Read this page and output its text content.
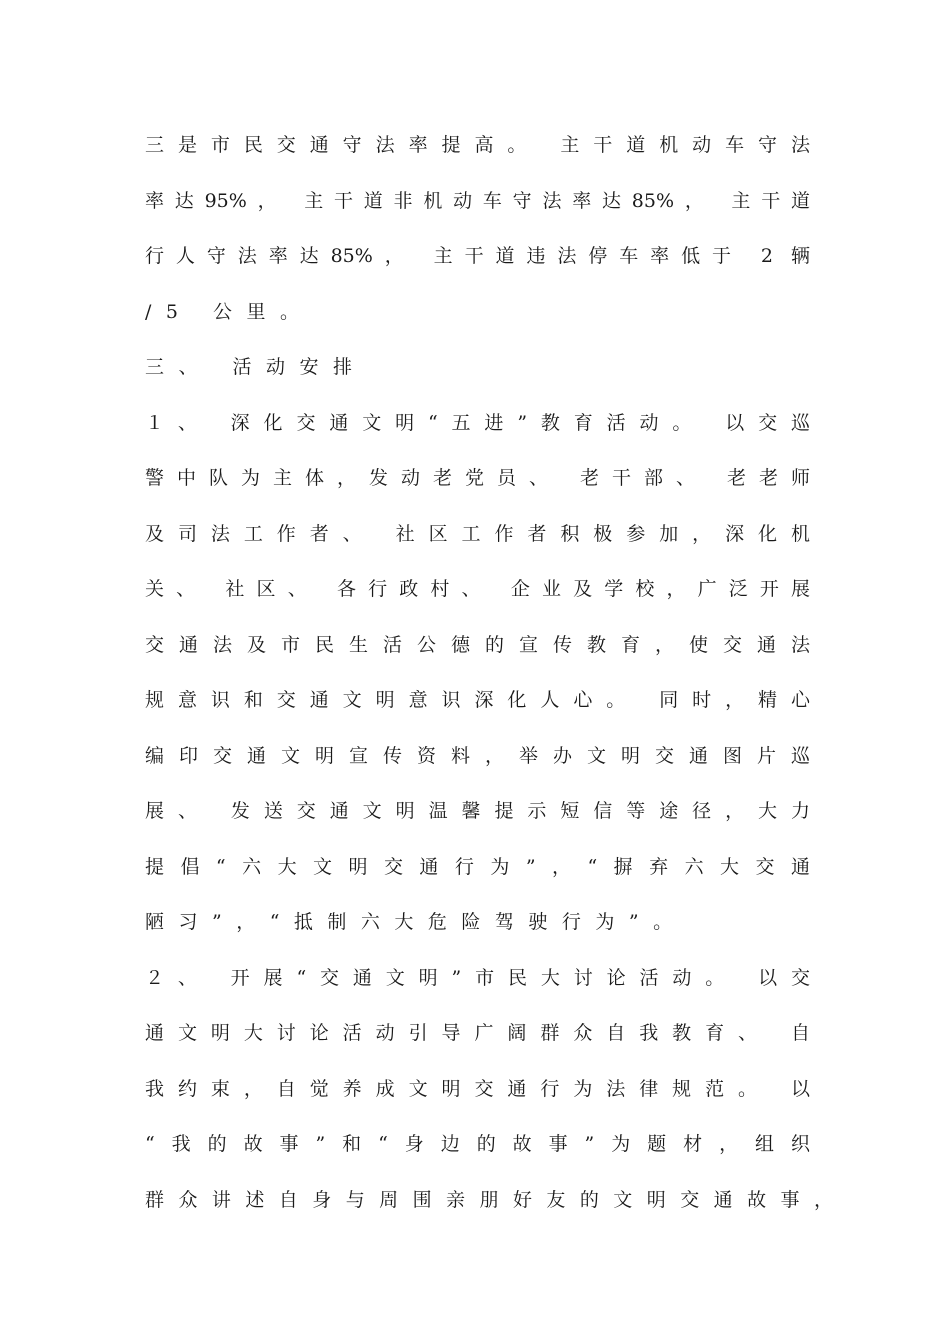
三是市民交通守法率提高。 主干道机动车守法
率达95%， 主干道非机动车守法率达85%， 主干道
行人守法率达85%， 主干道违法停车率低于 2 辆
/5 公里。
三、 活动安排
１、 深化交通文明“五进”教育活动。 以交巡
警中队为主体，发动老党员、 老干部、 老老师
及司法工作者、 社区工作者积极参加，深化机
关、 社区、 各行政村、 企业及学校，广泛开展
交通法及市民生活公德的宣传教育，使交通法
规意识和交通文明意识深化人心。 同时，精心
编印交通文明宣传资料，举办文明交通图片巡
展、 发送交通文明温馨提示短信等途径，大力
提倡“六大文明交通行为”，“摒弃六大交通
陋习”，“抵制六大危险驾驶行为”。
２、 开展“交通文明”市民大讨论活动。 以交
通文明大讨论活动引导广阔群众自我教育、 自
我约束，自觉养成文明交通行为法律规范。 以
“我的故事”和“身边的故事”为题材，组织
群众讲述自身与周围亲朋好友的文明交通故事，
